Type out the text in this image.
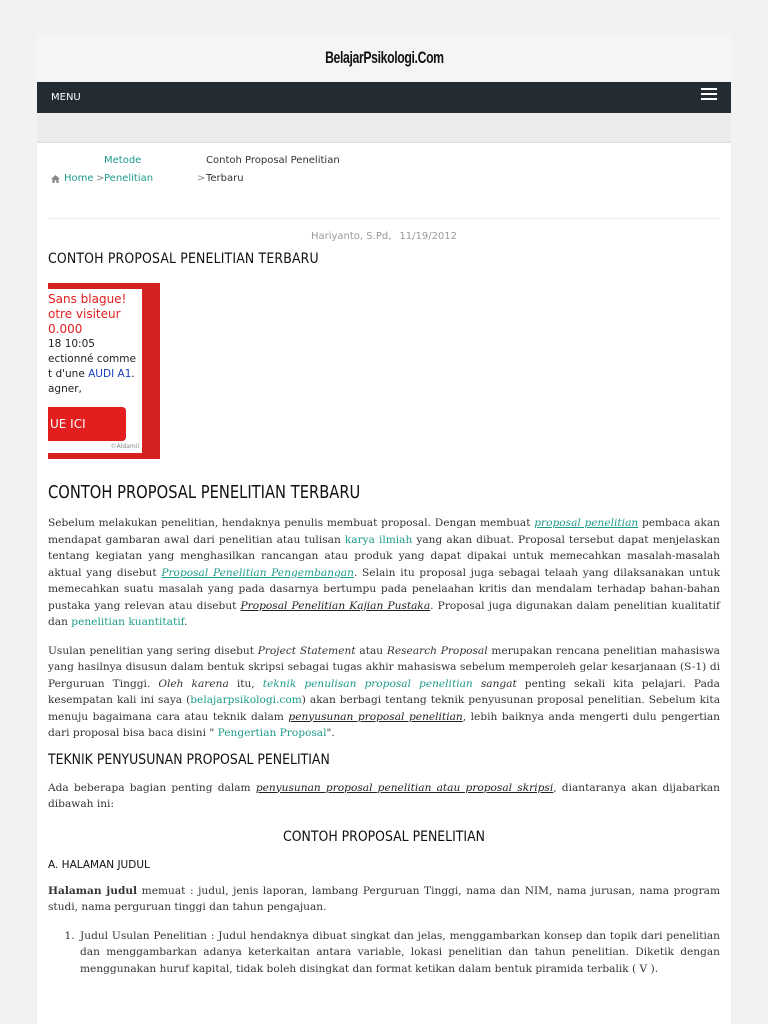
BelajarPsikologi.Com
MENU
Home >
Metode
Penelitian	>
Contoh Proposal Penelitian
Terbaru
Hariyanto, S.Pd, 11/19/2012
CONTOH PROPOSAL PENELITIAN TERBARU
Sans blague!
otre visiteur
0.000
18 10:05
ectionné comme
t d'une AUDI A1.
agner,
UE ICI
©Aldamil
CONTOH PROPOSAL PENELITIAN TERBARU

Sebelum melakukan penelitian, hendaknya penulis membuat proposal. Dengan membuat proposal penelitian pembaca akan mendapat gambaran awal dari penelitian atau tulisan karya ilmiah yang akan dibuat. Proposal tersebut dapat menjelaskan tentang kegiatan yang menghasilkan rancangan atau produk yang dapat dipakai untuk memecahkan masalah-masalah aktual yang disebut Proposal Penelitian Pengembangan. Selain itu proposal juga sebagai telaah yang dilaksanakan untuk memecahkan suatu masalah yang pada dasarnya bertumpu pada penelaahan kritis dan mendalam terhadap bahan-bahan pustaka yang relevan atau disebut Proposal Penelitian Kajian Pustaka. Proposal juga digunakan dalam penelitian kualitatif dan penelitian kuantitatif.

Usulan penelitian yang sering disebut Project Statement atau Research Proposal merupakan rencana penelitian mahasiswa yang hasilnya disusun dalam bentuk skripsi sebagai tugas akhir mahasiswa sebelum memperoleh gelar kesarjanaan (S-1) di Perguruan Tinggi. Oleh karena itu, teknik penulisan proposal penelitian sangat penting sekali kita pelajari. Pada kesempatan kali ini saya (belajarpsikologi.com) akan berbagi tentang teknik penyusunan proposal penelitian. Sebelum kita menuju bagaimana cara atau teknik dalam penyusunan proposal penelitian, lebih baiknya anda mengerti dulu pengertian dari proposal bisa baca disini " Pengertian Proposal".

TEKNIK PENYUSUNAN PROPOSAL PENELITIAN

Ada beberapa bagian penting dalam penyusunan proposal penelitian atau proposal skripsi, diantaranya akan dijabarkan dibawah ini:

CONTOH PROPOSAL PENELITIAN
A. HALAMAN JUDUL

Halaman judul memuat : judul, jenis laporan, lambang Perguruan Tinggi, nama dan NIM, nama jurusan, nama program studi, nama perguruan tinggi dan tahun pengajuan.

1. Judul Usulan Penelitian : Judul hendaknya dibuat singkat dan jelas, menggambarkan konsep dan topik dari penelitian dan menggambarkan adanya keterkaitan antara variable, lokasi penelitian dan tahun penelitian. Diketik dengan menggunakan huruf kapital, tidak boleh disingkat dan format ketikan dalam bentuk piramida terbalik ( V ).
